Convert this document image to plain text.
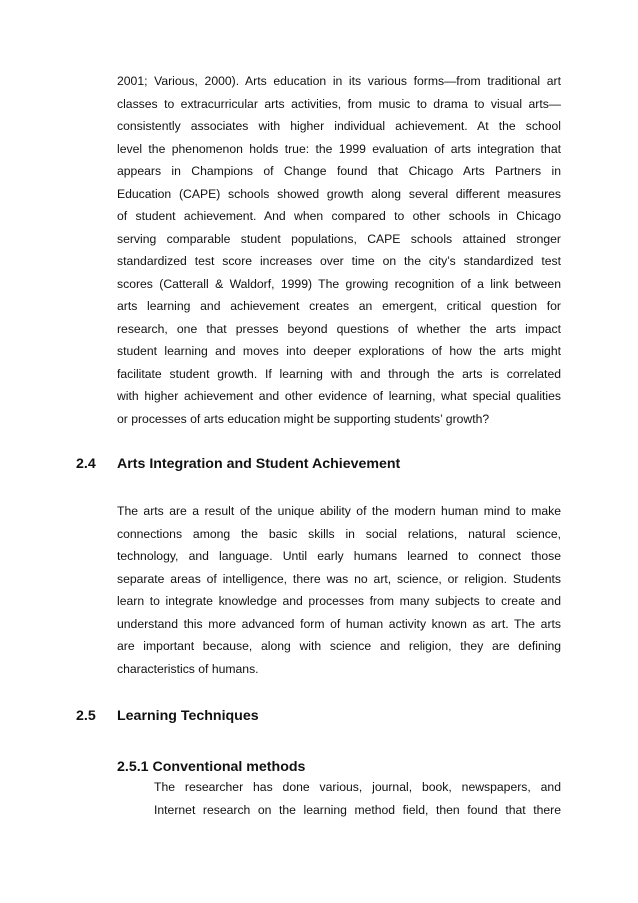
2001; Various, 2000). Arts education in its various forms—from traditional art
classes to extracurricular arts activities, from music to drama to visual arts—
consistently associates with higher individual achievement. At the school
level the phenomenon holds true: the 1999 evaluation of arts integration that
appears in Champions of Change found that Chicago Arts Partners in
Education (CAPE) schools showed growth along several different measures
of student achievement. And when compared to other schools in Chicago
serving comparable student populations, CAPE schools attained stronger
standardized test score increases over time on the city’s standardized test
scores (Catterall & Waldorf, 1999) The growing recognition of a link between
arts learning and achievement creates an emergent, critical question for
research, one that presses beyond questions of whether the arts impact
student learning and moves into deeper explorations of how the arts might
facilitate student growth. If learning with and through the arts is correlated
with higher achievement and other evidence of learning, what special qualities
or processes of arts education might be supporting students’ growth?
2.4 Arts Integration and Student Achievement
The arts are a result of the unique ability of the modern human mind to make
connections among the basic skills in social relations, natural science,
technology, and language. Until early humans learned to connect those
separate areas of intelligence, there was no art, science, or religion. Students
learn to integrate knowledge and processes from many subjects to create and
understand this more advanced form of human activity known as art. The arts
are important because, along with science and religion, they are defining
characteristics of humans.
2.5 Learning Techniques
2.5.1 Conventional methods
The researcher has done various, journal, book, newspapers, and
Internet research on the learning method field, then found that there
